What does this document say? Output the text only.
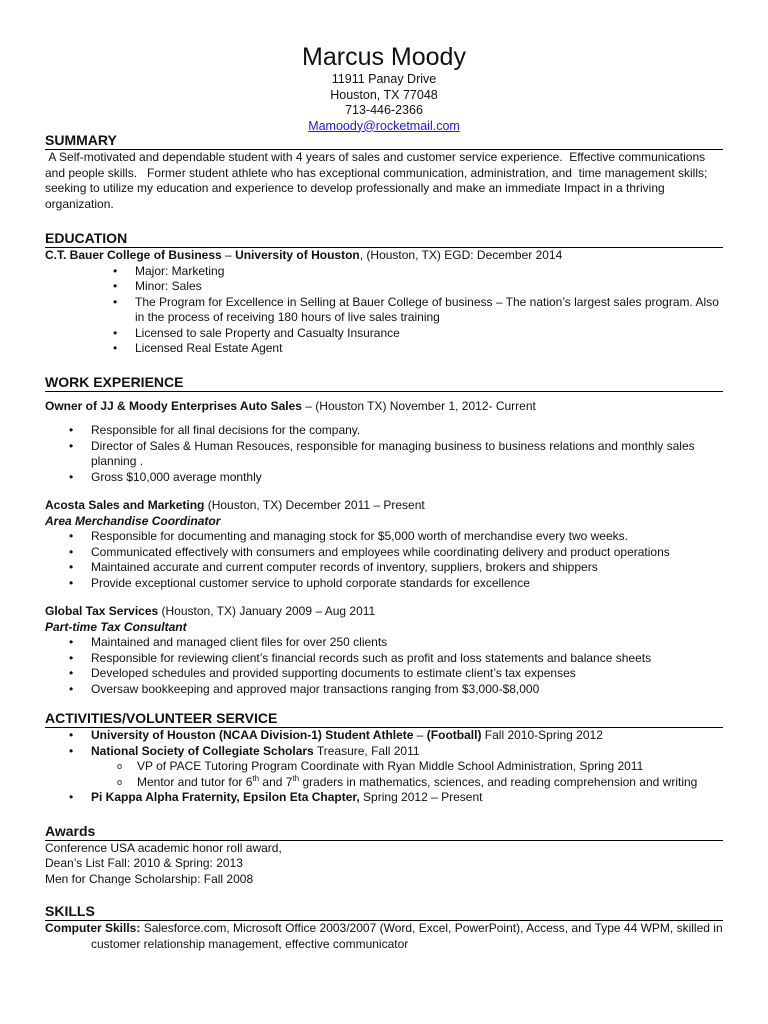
Marcus Moody
11911 Panay Drive
Houston, TX 77048
713-446-2366
Mamoody@rocketmail.com
SUMMARY

A Self-motivated and dependable student with 4 years of sales and customer service experience.  Effective communications and people skills.   Former student athlete who has exceptional communication, administration, and  time management skills; seeking to utilize my education and experience to develop professionally and make an immediate Impact in a thriving organization.

EDUCATION

C.T. Bauer College of Business – University of Houston, (Houston, TX) EGD: December 2014

• Major: Marketing
• Minor: Sales
• The Program for Excellence in Selling at Bauer College of business – The nation’s largest sales program. Also in the process of receiving 180 hours of live sales training
• Licensed to sale Property and Casualty Insurance
• Licensed Real Estate Agent
WORK EXPERIENCE

Owner of JJ & Moody Enterprises Auto Sales – (Houston TX) November 1, 2012- Current

• Responsible for all final decisions for the company.
• Director of Sales & Human Resouces, responsible for managing business to business relations and monthly sales planning .
• Gross $10,000 average monthly

Acosta Sales and Marketing (Houston, TX) December 2011 – Present

Area Merchandise Coordinator

• Responsible for documenting and managing stock for $5,000 worth of merchandise every two weeks.
• Communicated effectively with consumers and employees while coordinating delivery and product operations
• Maintained accurate and current computer records of inventory, suppliers, brokers and shippers
• Provide exceptional customer service to uphold corporate standards for excellence

Global Tax Services (Houston, TX) January 2009 – Aug 2011

Part-time Tax Consultant

• Maintained and managed client files for over 250 clients
• Responsible for reviewing client’s financial records such as profit and loss statements and balance sheets
• Developed schedules and provided supporting documents to estimate client’s tax expenses
• Oversaw bookkeeping and approved major transactions ranging from $3,000-$8,000
ACTIVITIES/VOLUNTEER SERVICE
• University of Houston (NCAA Division-1) Student Athlete – (Football) Fall 2010-Spring 2012
• National Society of Collegiate Scholars Treasure, Fall 2011
o VP of PACE Tutoring Program Coordinate with Ryan Middle School Administration, Spring 2011
o Mentor and tutor for 6th and 7th graders in mathematics, sciences, and reading comprehension and writing
• Pi Kappa Alpha Fraternity, Epsilon Eta Chapter, Spring 2012 – Present
Awards

Conference USA academic honor roll award,

Dean’s List Fall: 2010 & Spring: 2013

Men for Change Scholarship: Fall 2008

SKILLS

Computer Skills: Salesforce.com, Microsoft Office 2003/2007 (Word, Excel, PowerPoint), Access, and Type 44 WPM, skilled in customer relationship management, effective communicator
